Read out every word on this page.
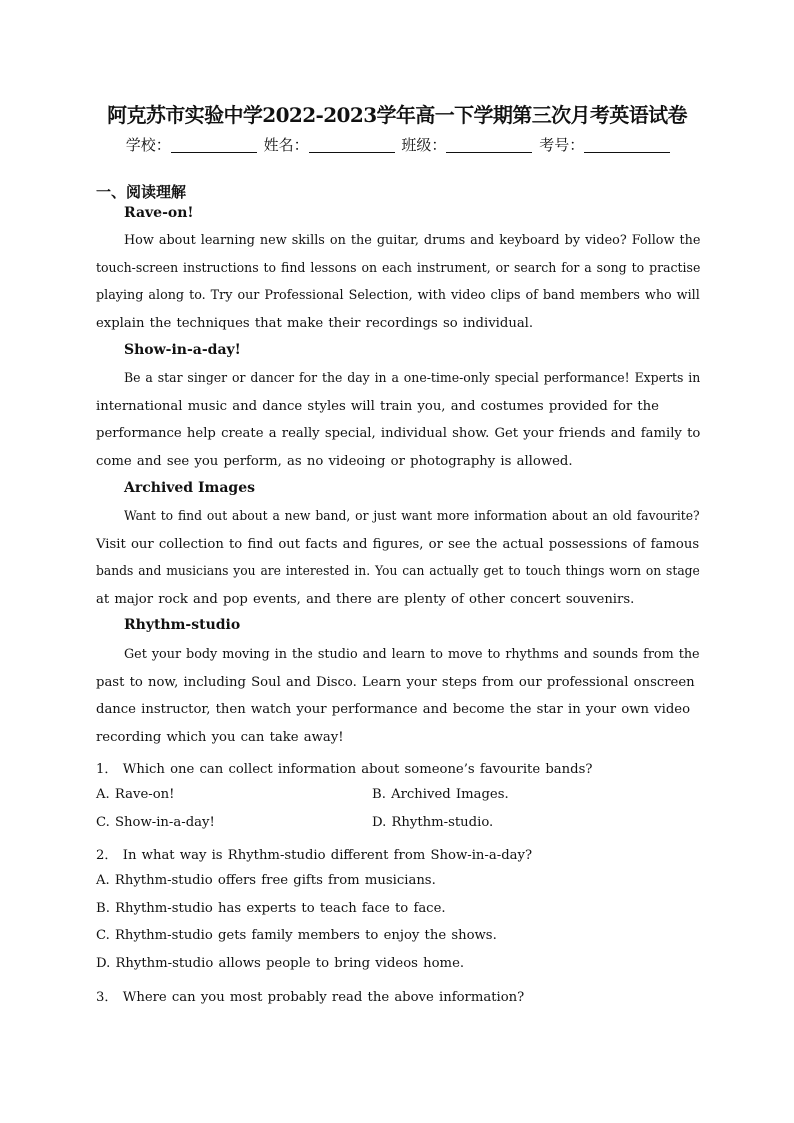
阿克苏市实验中学2022-2023学年高一下学期第三次月考英语试卷
学校：	姓名：	班级：	考号：
一、阅读理解
Rave-on!
How about learning new skills on the guitar, drums and keyboard by video? Follow the
touch-screen instructions to find lessons on each instrument, or search for a song to practise
playing along to. Try our Professional Selection, with video clips of band members who will
explain the techniques that make their recordings so individual.
Show-in-a-day!
Be a star singer or dancer for the day in a one-time-only special performance! Experts in
international music and dance styles will train you, and costumes provided for the
performance help create a really special, individual show. Get your friends and family to
come and see you perform, as no videoing or photography is allowed.
Archived Images
Want to find out about a new band, or just want more information about an old favourite?
Visit our collection to find out facts and figures, or see the actual possessions of famous
bands and musicians you are interested in. You can actually get to touch things worn on stage
at major rock and pop events, and there are plenty of other concert souvenirs.
Rhythm-studio
Get your body moving in the studio and learn to move to rhythms and sounds from the
past to now, including Soul and Disco. Learn your steps from our professional onscreen
dance instructor, then watch your performance and become the star in your own video
recording which you can take away!
1． Which one can collect information about someone’s favourite bands?
A. Rave-on!	B. Archived Images.
C. Show-in-a-day!	D. Rhythm-studio.
2． In what way is Rhythm-studio different from Show-in-a-day?
A. Rhythm-studio offers free gifts from musicians.
B. Rhythm-studio has experts to teach face to face.
C. Rhythm-studio gets family members to enjoy the shows.
D. Rhythm-studio allows people to bring videos home.
3． Where can you most probably read the above information?
